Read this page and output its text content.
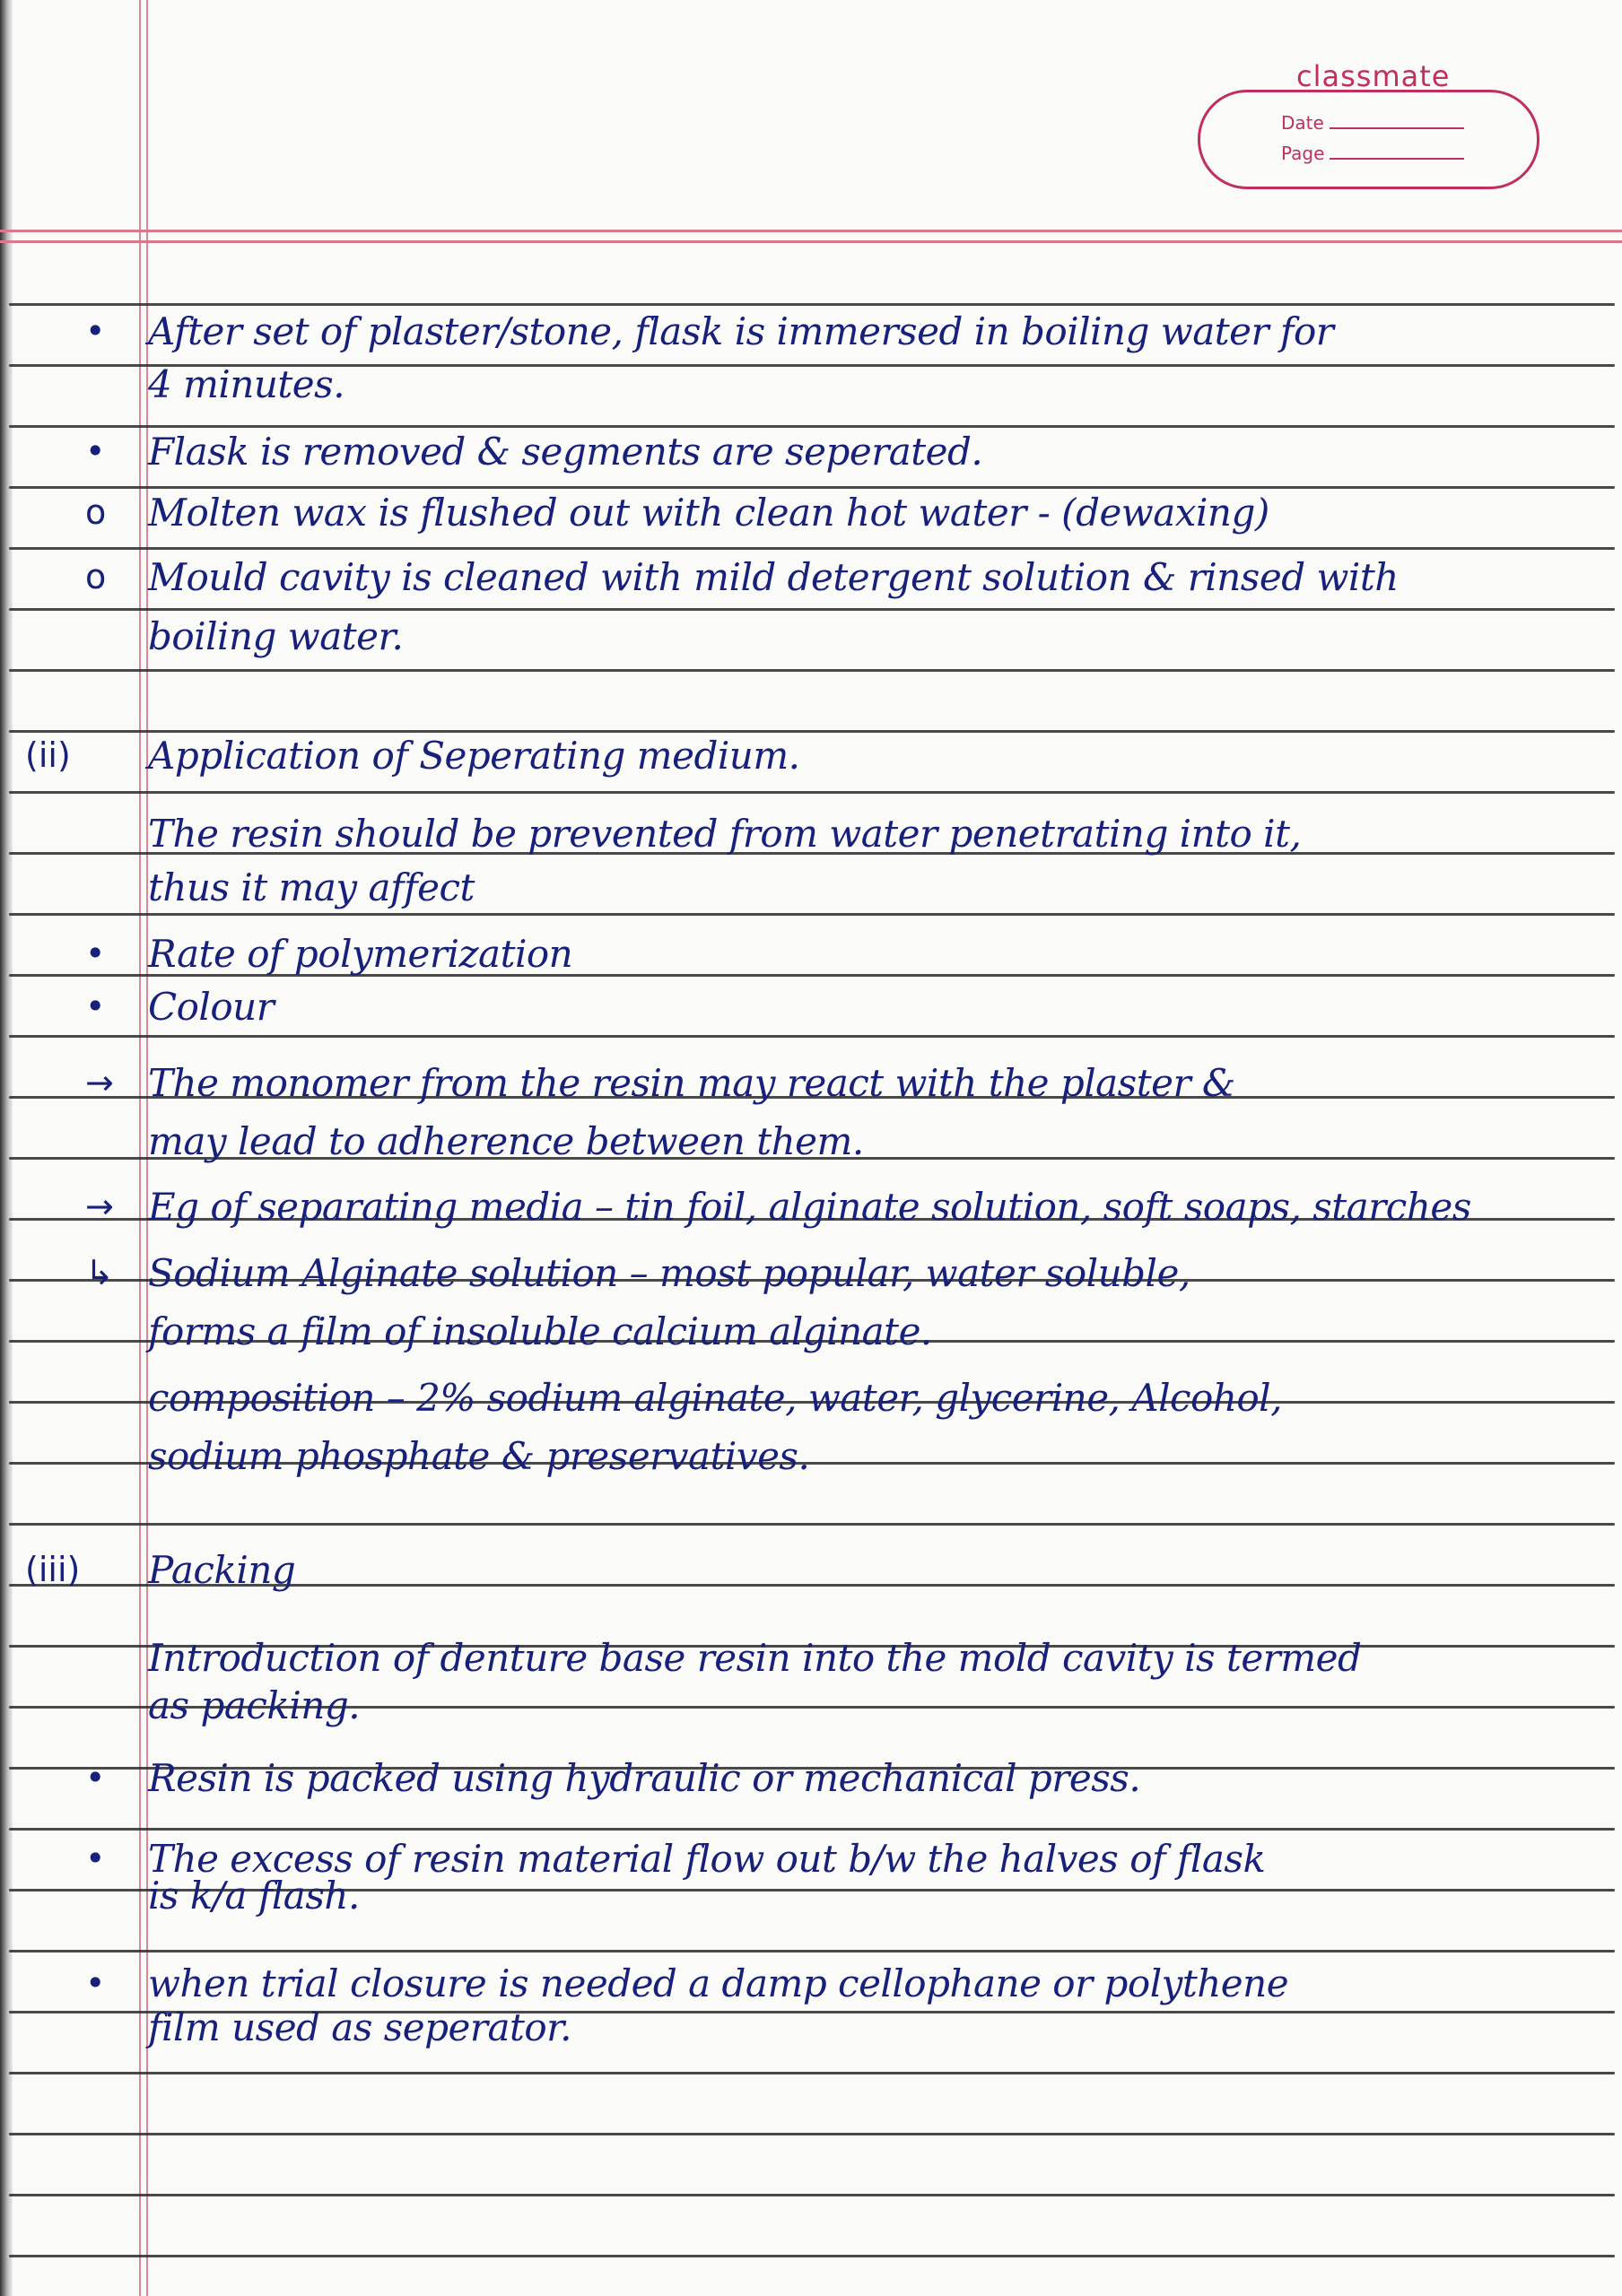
classmate
Date
Page
• After set of plaster/stone, flask is immersed in boiling water for
4 minutes.
• Flask is removed & segments are seperated.
o Molten wax is flushed out with clean hot water - (dewaxing)
o Mould cavity is cleaned with mild detergent solution & rinsed with
boiling water.
(ii) Application of Seperating medium.
The resin should be prevented from water penetrating into it,
thus it may affect
• Rate of polymerization
• Colour
→ The monomer from the resin may react with the plaster &
may lead to adherence between them.
→ Eg of separating media – tin foil, alginate solution, soft soaps, starches
↳ Sodium Alginate solution – most popular, water soluble,
forms a film of insoluble calcium alginate.
composition – 2% sodium alginate, water, glycerine, Alcohol,
sodium phosphate & preservatives.
(iii) Packing
Introduction of denture base resin into the mold cavity is termed
as packing.
• Resin is packed using hydraulic or mechanical press.
• The excess of resin material flow out b/w the halves of flask
is k/a flash.
• when trial closure is needed a damp cellophane or polythene
film used as seperator.
